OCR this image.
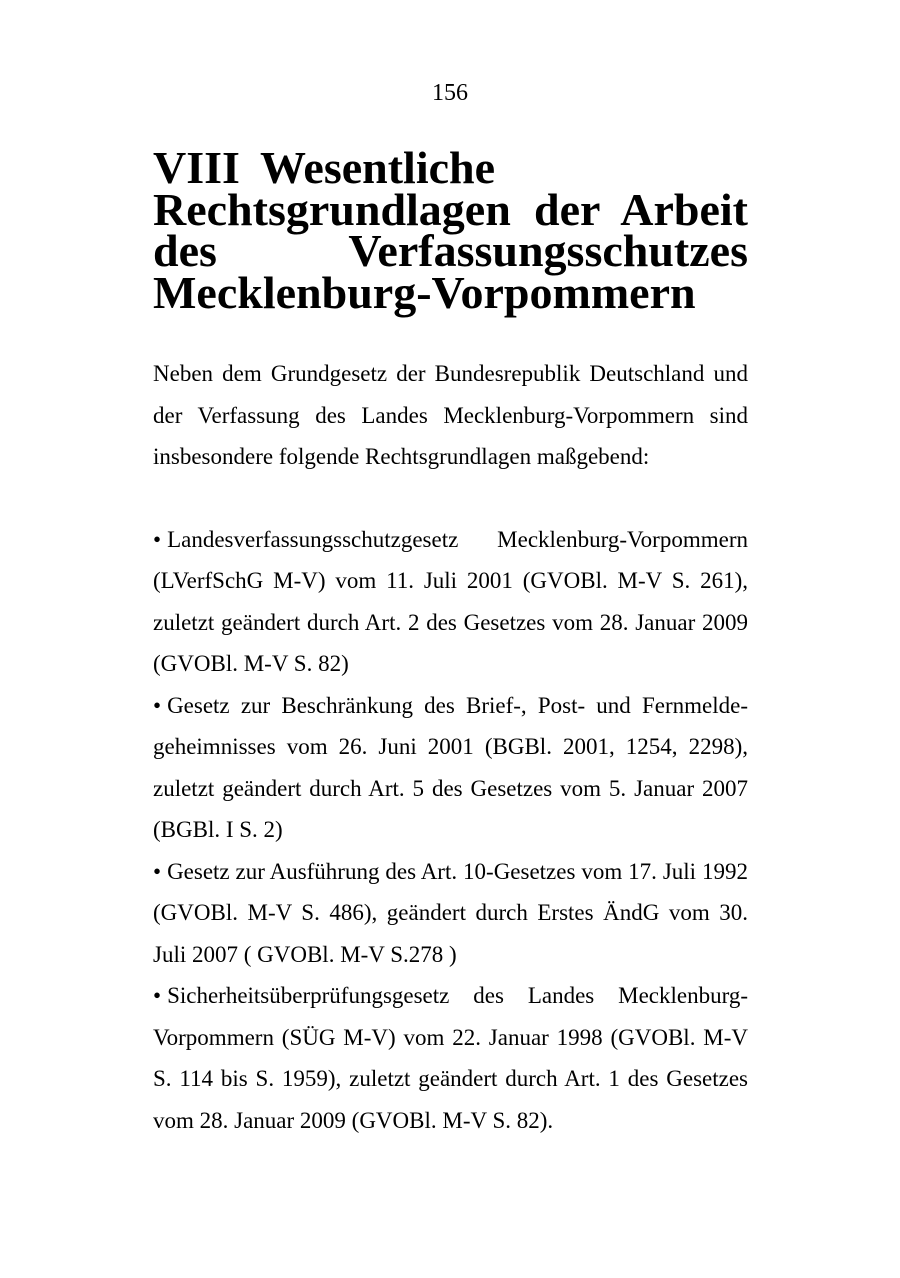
156
VIII Wesentliche Rechtsgrundlagen der Arbeit des Verfassungsschutzes Mecklenburg-Vorpommern

Neben dem Grundgesetz der Bundesrepublik Deutschland und der Verfassung des Landes Mecklenburg-Vorpommern sind insbesondere folgende Rechtsgrundlagen maßgebend:

• Landesverfassungsschutzgesetz Mecklenburg-Vorpommern (LVerfSchG M-V) vom 11. Juli 2001 (GVOBl. M-V S. 261), zuletzt geändert durch Art. 2 des Gesetzes vom 28. Januar 2009 (GVOBl. M-V S. 82)
• Gesetz zur Beschränkung des Brief-, Post- und Fernmelde-geheimnisses vom 26. Juni 2001 (BGBl. 2001, 1254, 2298), zuletzt geändert durch Art. 5 des Gesetzes vom 5. Januar 2007 (BGBl. I S. 2)
• Gesetz zur Ausführung des Art. 10-Gesetzes vom 17. Juli 1992 (GVOBl. M-V S. 486), geändert durch Erstes ÄndG vom 30. Juli 2007 ( GVOBl. M-V S.278 )
• Sicherheitsüberprüfungsgesetz des Landes Mecklenburg-Vorpommern (SÜG M-V) vom 22. Januar 1998 (GVOBl. M-V S. 114 bis S. 1959), zuletzt geändert durch Art. 1 des Gesetzes vom 28. Januar 2009 (GVOBl. M-V S. 82).
